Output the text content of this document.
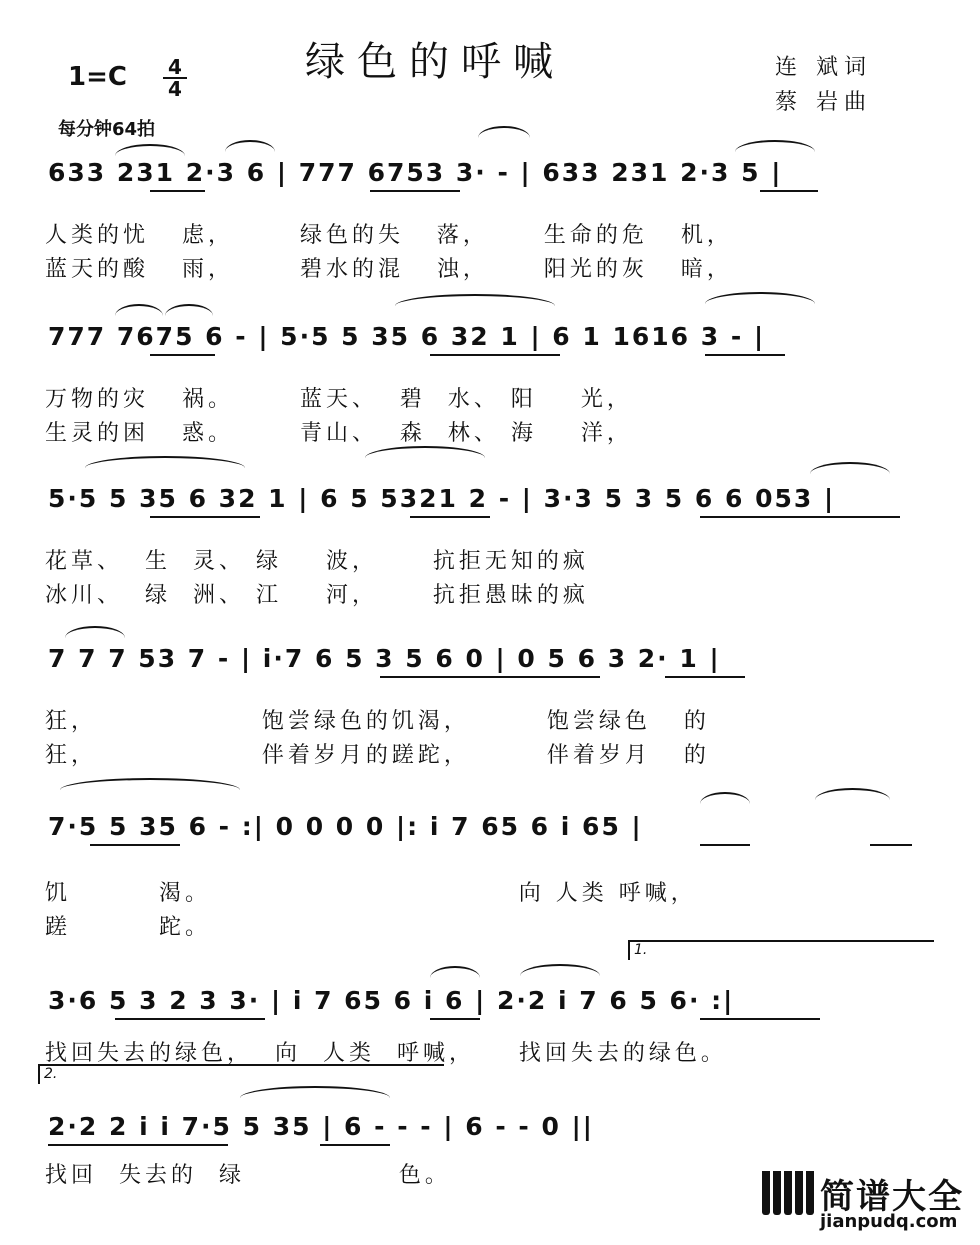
绿色的呼喊	连 斌词
蔡 岩曲
1=C 4
4
每分钟64拍
633 231 2·3 6 | 777 6753 3· - | 633 231 2·3 5 |
人类的忧   虑，      绿色的失   落，     生命的危   机，
蓝天的酸   雨，      碧水的混   浊，     阳光的灰   暗，
777 7675 6 - | 5·5 5 35 6 32 1 | 6 1 1616 3 - |
万物的灾   祸。      蓝天、  碧  水、 阳    光，
生灵的困   惑。      青山、  森  林、 海    洋，
5·5 5 35 6 32 1 | 6 5 5321 2 - | 3·3 5 3 5 6 6 053 |
花草、  生  灵、 绿    波，     抗拒无知的疯
冰川、  绿  洲、 江    河，     抗拒愚昧的疯
7 7 7 53 7 - | i·7 6 5 3 5 6 0 | 0 5 6 3 2· 1 |
狂，               饱尝绿色的饥渴，       饱尝绿色   的
狂，               伴着岁月的蹉跎，       伴着岁月   的
7·5 5 35 6 - :| 0 0 0 0 |: i 7 65 6 i 65 |
饥        渴。                            向 人类 呼喊，
蹉        跎。
1.
3·6 5 3 2 3 3· | i 7 65 6 i 6 | 2·2 i 7 6 5 6· :|
找回失去的绿色，  向  人类  呼喊，    找回失去的绿色。
2.
2·2 2 i i 7·5 5 35 | 6 - - - | 6 - - 0 ||
找回  失去的  绿              色。
简谱大全
jianpudq.com
